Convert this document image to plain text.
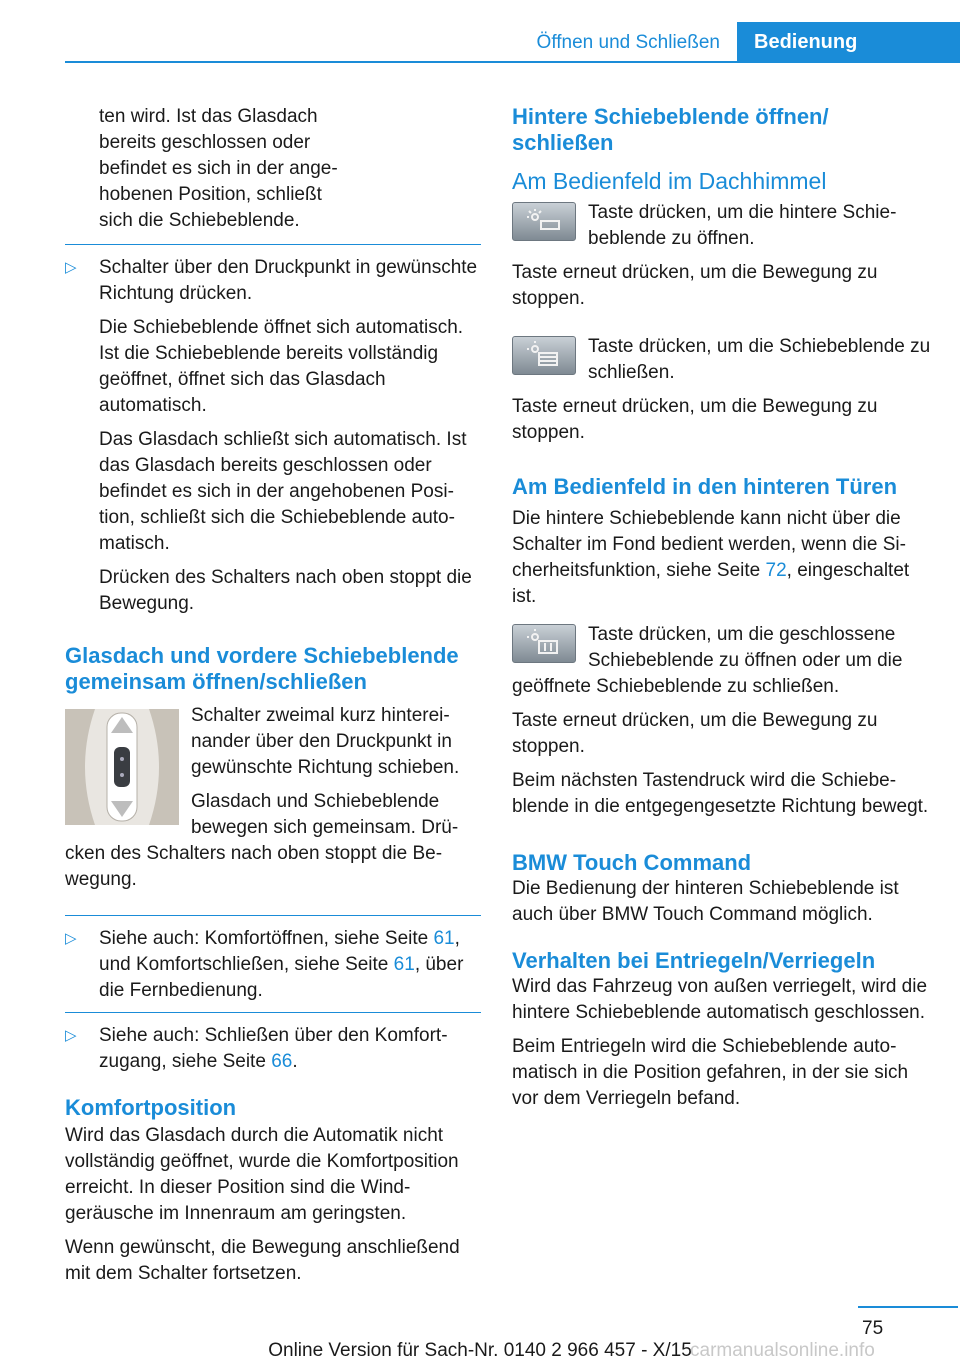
Öffnen und Schließen	Bedienung
ten wird. Ist das Glasdach
bereits geschlossen oder
befindet es sich in der ange-
hobenen Position, schließt
sich die Schiebeblende.
▷ Schalter über den Druckpunkt in gewünschte Richtung drücken.

Die Schiebeblende öffnet sich automatisch. Ist die Schiebeblende bereits vollständig geöffnet, öffnet sich das Glasdach automatisch.

Das Glasdach schließt sich automatisch. Ist das Glasdach bereits geschlossen oder befindet es sich in der angehobenen Position, schließt sich die Schiebeblende automatisch.

Drücken des Schalters nach oben stoppt die Bewegung.

Glasdach und vordere Schiebeblende gemeinsam öffnen/schließen

Schalter zweimal kurz hintereinander über den Druckpunkt in gewünschte Richtung schieben.

Glasdach und Schiebeblende bewegen sich gemeinsam. Drücken des Schalters nach oben stoppt die Bewegung.

▷ Siehe auch: Komfortöffnen, siehe Seite 61, und Komfortschließen, siehe Seite 61, über die Fernbedienung.

▷ Siehe auch: Schließen über den Komfortzugang, siehe Seite 66.

Komfortposition

Wird das Glasdach durch die Automatik nicht vollständig geöffnet, wurde die Komfortposition erreicht. In dieser Position sind die Windgeräusche im Innenraum am geringsten.

Wenn gewünscht, die Bewegung anschließend mit dem Schalter fortsetzen.

Hintere Schiebeblende öffnen/ schließen
Am Bedienfeld im Dachhimmel

Taste drücken, um die hintere Schiebeblende zu öffnen.

Taste erneut drücken, um die Bewegung zu stoppen.

Taste drücken, um die Schiebeblende zu schließen.

Taste erneut drücken, um die Bewegung zu stoppen.

Am Bedienfeld in den hinteren Türen

Die hintere Schiebeblende kann nicht über die Schalter im Fond bedient werden, wenn die Sicherheitsfunktion, siehe Seite 72, eingeschaltet ist.

Taste drücken, um die geschlossene Schiebeblende zu öffnen oder um die geöffnete Schiebeblende zu schließen.

Taste erneut drücken, um die Bewegung zu stoppen.

Beim nächsten Tastendruck wird die Schiebeblende in die entgegengesetzte Richtung bewegt.

BMW Touch Command

Die Bedienung der hinteren Schiebeblende ist auch über BMW Touch Command möglich.

Verhalten bei Entriegeln/Verriegeln

Wird das Fahrzeug von außen verriegelt, wird die hintere Schiebeblende automatisch geschlossen.

Beim Entriegeln wird die Schiebeblende automatisch in die Position gefahren, in der sie sich vor dem Verriegeln befand.

75
Online Version für Sach-Nr. 0140 2 966 457 - X/15
carmanualsonline.info
